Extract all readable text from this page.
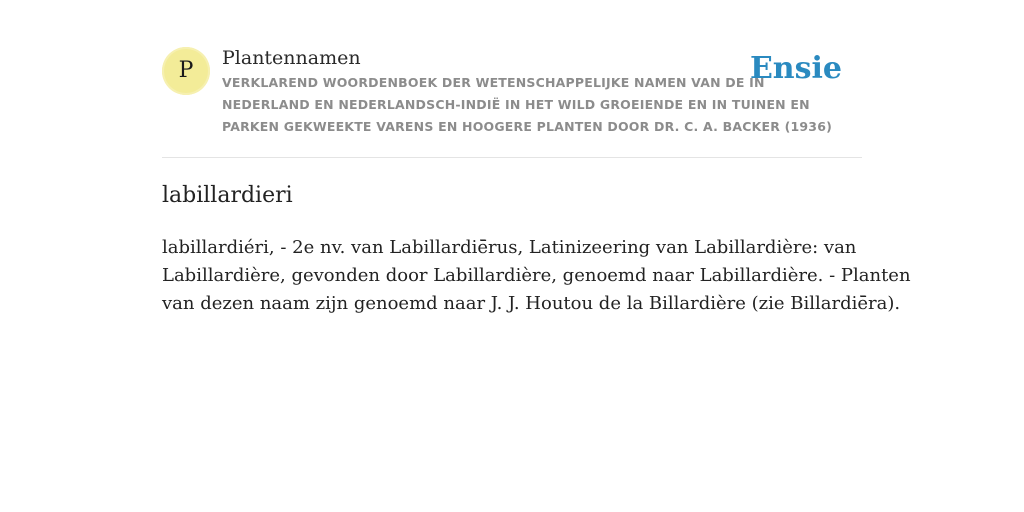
P Plantennamen
VERKLAREND WOORDENBOEK DER WETENSCHAPPELIJKE NAMEN VAN DE IN
NEDERLAND EN NEDERLANDSCH-INDIË IN HET WILD GROEIENDE EN IN TUINEN EN
PARKEN GEKWEEKTE VARENS EN HOOGERE PLANTEN DOOR DR. C. A. BACKER (1936)
Ensie
labillardieri

labillardiéri, - 2e nv. van Labillardiē̄rus, Latinizeering van Labillardière: van
Labillardière, gevonden door Labillardière, genoemd naar Labillardière. - Planten
van dezen naam zijn genoemd naar J. J. Houtou de la Billardière (zie Billardiē̄ra).
